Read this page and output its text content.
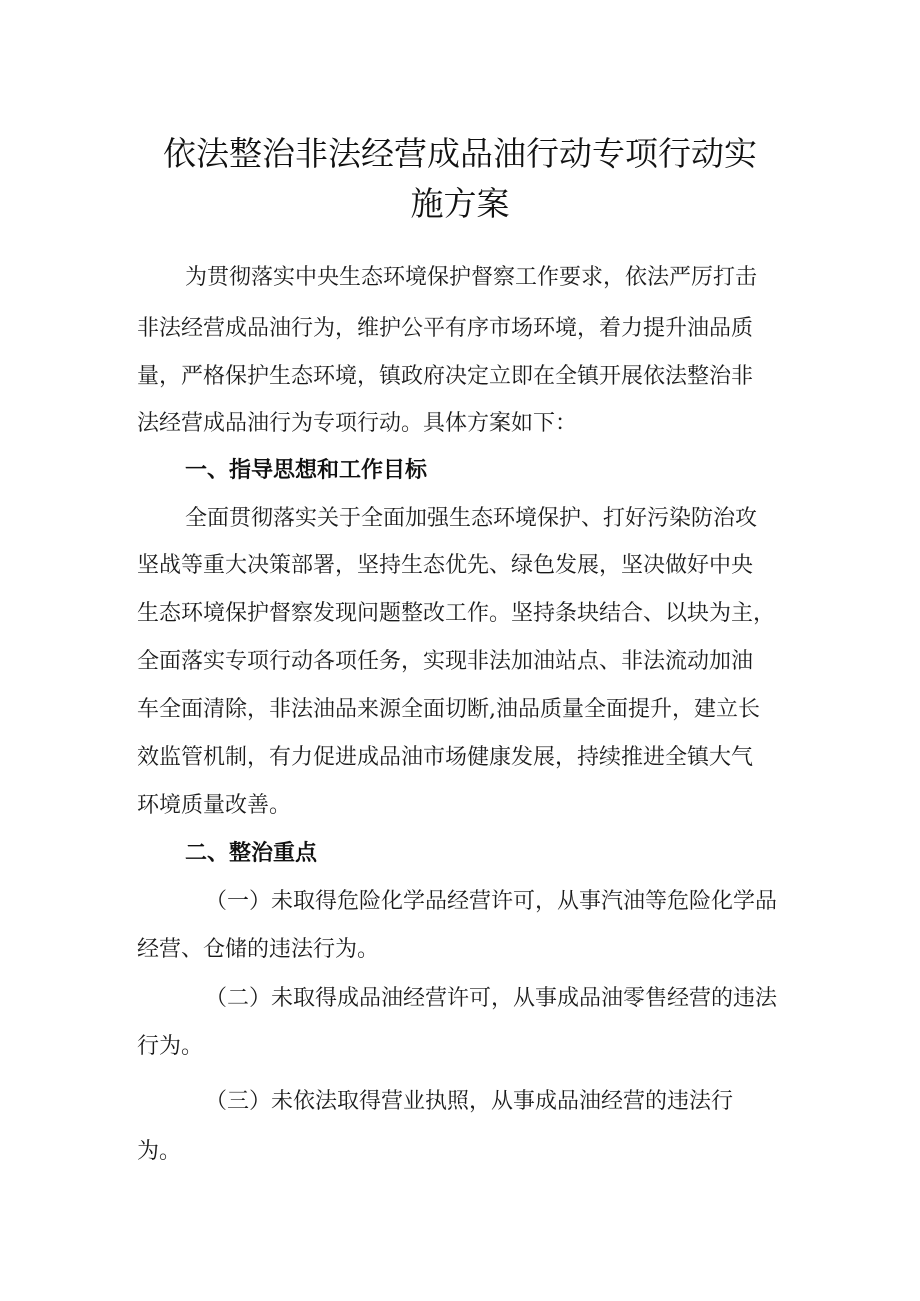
依法整治非法经营成品油行动专项行动实
施方案
为贯彻落实中央生态环境保护督察工作要求，依法严厉打击
非法经营成品油行为，维护公平有序市场环境，着力提升油品质
量，严格保护生态环境，镇政府决定立即在全镇开展依法整治非
法经营成品油行为专项行动。具体方案如下：
一、指导思想和工作目标
全面贯彻落实关于全面加强生态环境保护、打好污染防治攻
坚战等重大决策部署，坚持生态优先、绿色发展，坚决做好中央
生态环境保护督察发现问题整改工作。坚持条块结合、以块为主，
全面落实专项行动各项任务，实现非法加油站点、非法流动加油
车全面清除，非法油品来源全面切断,油品质量全面提升，建立长
效监管机制，有力促进成品油市场健康发展，持续推进全镇大气
环境质量改善。
二、整治重点
（一）未取得危险化学品经营许可，从事汽油等危险化学品
经营、仓储的违法行为。
（二）未取得成品油经营许可，从事成品油零售经营的违法
行为。
（三）未依法取得营业执照，从事成品油经营的违法行
为。
